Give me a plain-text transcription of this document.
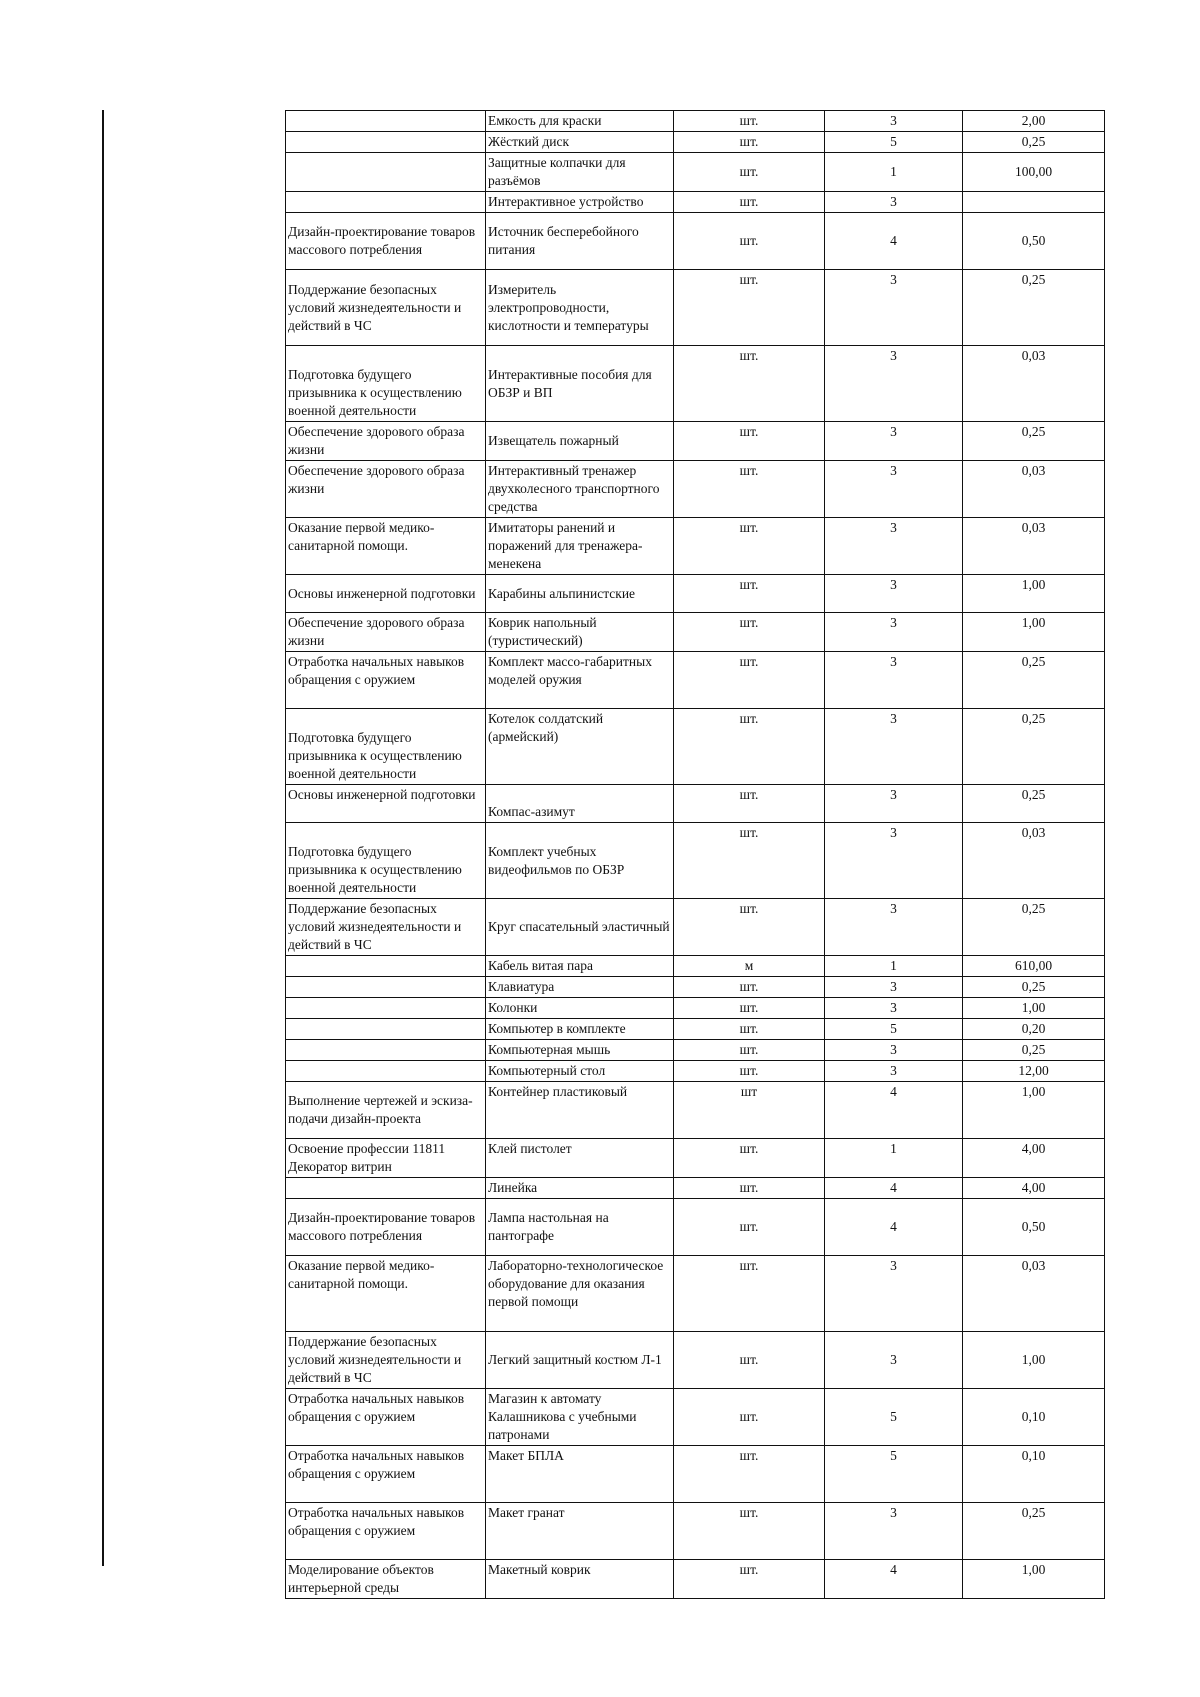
	Емкость для краски	шт.	3	2,00
	Жёсткий диск	шт.	5	0,25
	Защитные колпачки для разъёмов	шт.	1	100,00
	Интерактивное устройство	шт.	3	
Дизайн-проектирование товаров массового потребления	Источник бесперебойного питания	шт.	4	0,50
Поддержание безопасных условий жизнедеятельности и действий в ЧС	Измеритель электропроводности, кислотности и температуры	шт.	3	0,25
Подготовка будущего призывника к осуществлению военной деятельности	Интерактивные пособия для ОБЗР и ВП	шт.	3	0,03
Обеспечение здорового образа жизни	Извещатель пожарный	шт.	3	0,25
Обеспечение здорового образа жизни	Интерактивный тренажер двухколесного транспортного средства	шт.	3	0,03
Оказание первой медико-санитарной помощи.	Имитаторы ранений и поражений для тренажера-менекена	шт.	3	0,03
Основы инженерной подготовки	Карабины альпинистские	шт.	3	1,00
Обеспечение здорового образа жизни	Коврик напольный (туристический)	шт.	3	1,00
Отработка начальных навыков обращения с оружием	Комплект массо-габаритных моделей оружия	шт.	3	0,25
Подготовка будущего призывника к осуществлению военной деятельности	Котелок солдатский (армейский)	шт.	3	0,25
Основы инженерной подготовки	Компас-азимут	шт.	3	0,25
Подготовка будущего призывника к осуществлению военной деятельности	Комплект учебных видеофильмов по ОБЗР	шт.	3	0,03
Поддержание безопасных условий жизнедеятельности и действий в ЧС	Круг спасательный эластичный	шт.	3	0,25
	Кабель витая пара	м	1	610,00
	Клавиатура	шт.	3	0,25
	Колонки	шт.	3	1,00
	Компьютер в комплекте	шт.	5	0,20
	Компьютерная мышь	шт.	3	0,25
	Компьютерный стол	шт.	3	12,00
Выполнение чертежей и эскиза-подачи дизайн-проекта	Контейнер пластиковый	шт	4	1,00
Освоение профессии 11811 Декоратор витрин	Клей пистолет	шт.	1	4,00
	Линейка	шт.	4	4,00
Дизайн-проектирование товаров массового потребления	Лампа настольная на пантографе	шт.	4	0,50
Оказание первой медико-санитарной помощи.	Лабораторно-технологическое оборудование для оказания первой помощи	шт.	3	0,03
Поддержание безопасных условий жизнедеятельности и действий в ЧС	Легкий защитный костюм Л-1	шт.	3	1,00
Отработка начальных навыков обращения с оружием	Магазин к автомату Калашникова с учебными патронами	шт.	5	0,10
Отработка начальных навыков обращения с оружием	Макет БПЛА	шт.	5	0,10
Отработка начальных навыков обращения с оружием	Макет гранат	шт.	3	0,25
Моделирование объектов интерьерной среды	Макетный коврик	шт.	4	1,00
